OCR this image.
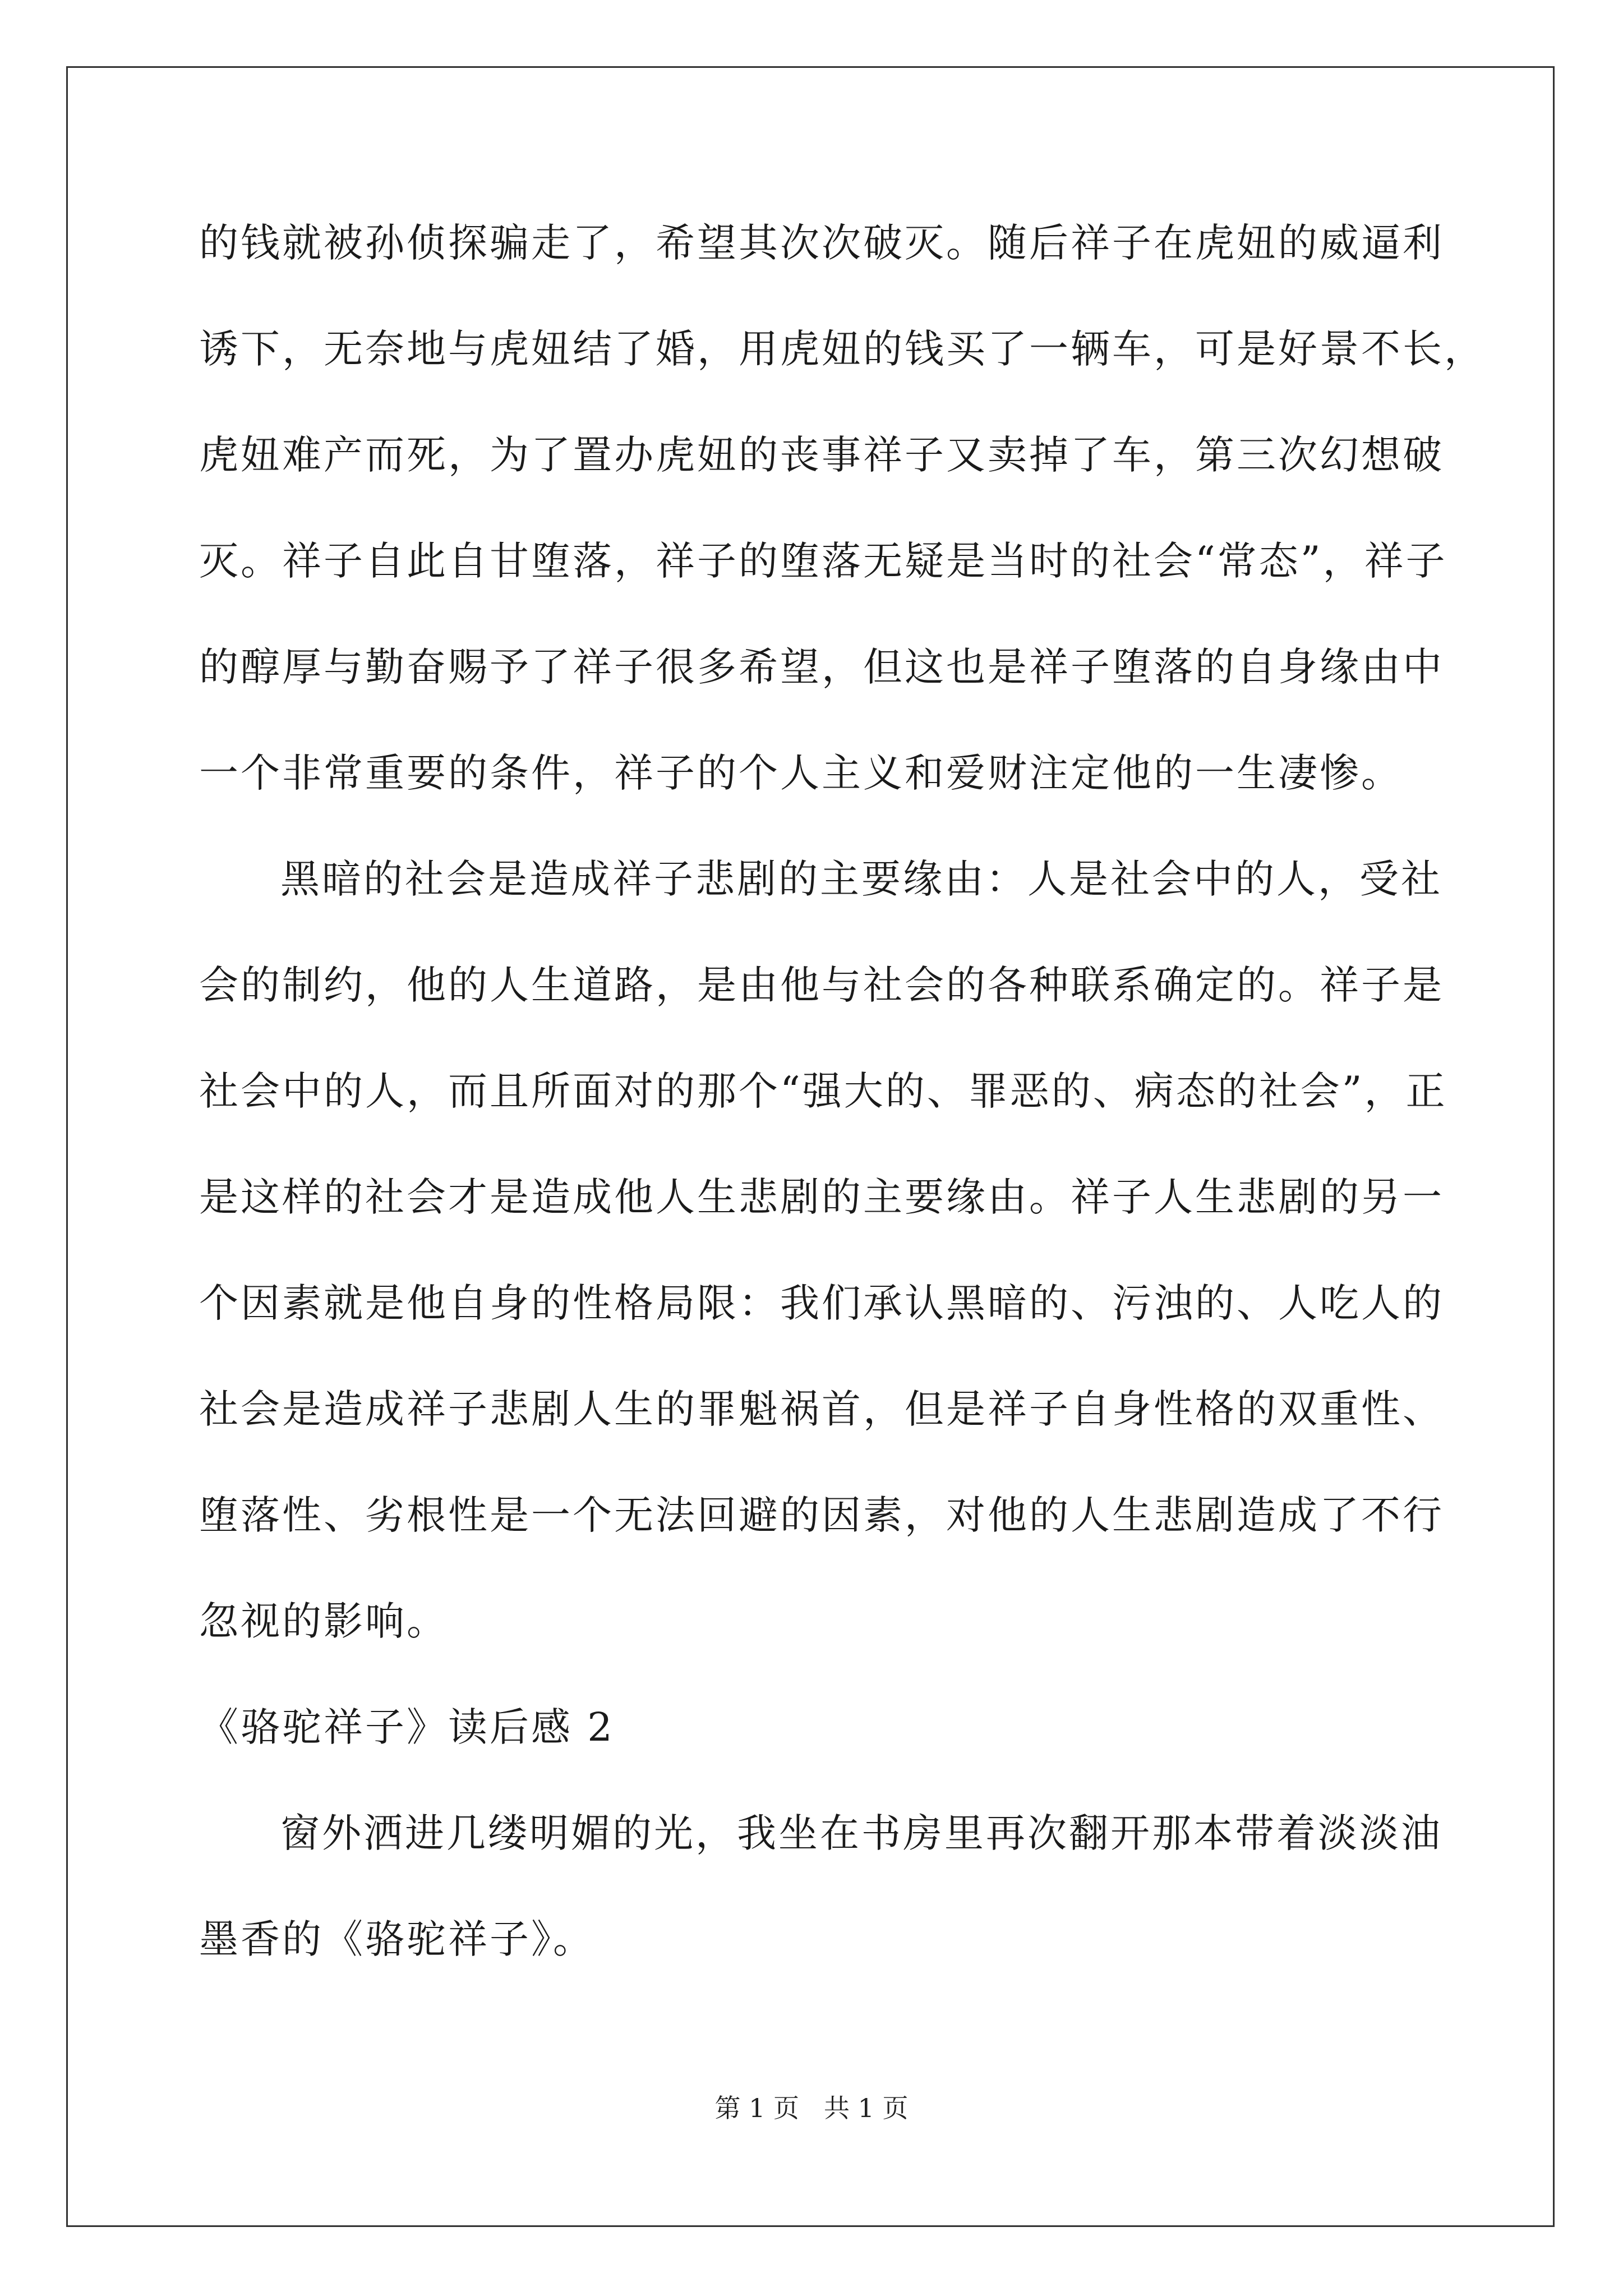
的钱就被孙侦探骗走了，希望其次次破灭。随后祥子在虎妞的威逼利
诱下，无奈地与虎妞结了婚，用虎妞的钱买了一辆车，可是好景不长，
虎妞难产而死，为了置办虎妞的丧事祥子又卖掉了车，第三次幻想破
灭。祥子自此自甘堕落，祥子的堕落无疑是当时的社会“常态”，祥子
的醇厚与勤奋赐予了祥子很多希望，但这也是祥子堕落的自身缘由中
一个非常重要的条件，祥子的个人主义和爱财注定他的一生凄惨。
黑暗的社会是造成祥子悲剧的主要缘由：人是社会中的人，受社
会的制约，他的人生道路，是由他与社会的各种联系确定的。祥子是
社会中的人，而且所面对的那个“强大的、罪恶的、病态的社会”，正
是这样的社会才是造成他人生悲剧的主要缘由。祥子人生悲剧的另一
个因素就是他自身的性格局限：我们承认黑暗的、污浊的、人吃人的
社会是造成祥子悲剧人生的罪魁祸首，但是祥子自身性格的双重性、
堕落性、劣根性是一个无法回避的因素，对他的人生悲剧造成了不行
忽视的影响。
《骆驼祥子》读后感 2
窗外洒进几缕明媚的光，我坐在书房里再次翻开那本带着淡淡油
墨香的《骆驼祥子》。
第 1 页 共 1 页
